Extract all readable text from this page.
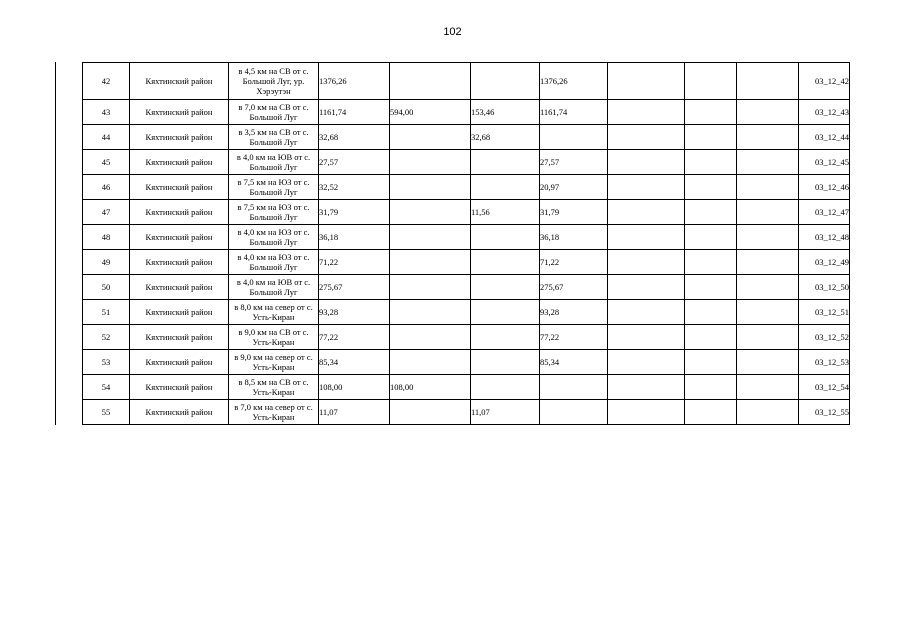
102
42	Кяхтинский район	в 4,5 км на СВ от с. Большой Луг, ур. Хэрэутэн	1376,26			1376,26				03_12_42
43	Кяхтинский район	в 7,0 км на СВ от с. Большой Луг	1161,74	594,00	153,46	1161,74				03_12_43
44	Кяхтинский район	в 3,5 км на СВ от с. Большой Луг	32,68		32,68					03_12_44
45	Кяхтинский район	в 4,0 км на ЮВ от с. Большой Луг	27,57			27,57				03_12_45
46	Кяхтинский район	в 7,5 км на ЮЗ от с. Большой Луг	32,52			20,97				03_12_46
47	Кяхтинский район	в 7,5 км на ЮЗ от с. Большой Луг	31,79		11,56	31,79				03_12_47
48	Кяхтинский район	в 4,0 км на ЮЗ от с. Большой Луг	36,18			36,18				03_12_48
49	Кяхтинский район	в 4,0 км на ЮЗ от с. Большой Луг	71,22			71,22				03_12_49
50	Кяхтинский район	в 4,0 км на ЮВ от с. Большой Луг	275,67			275,67				03_12_50
51	Кяхтинский район	в 8,0 км на север от с. Усть-Киран	93,28			93,28				03_12_51
52	Кяхтинский район	в 9,0 км на СВ от с. Усть-Киран	77,22			77,22				03_12_52
53	Кяхтинский район	в 9,0 км на север от с. Усть-Киран	85,34			85,34				03_12_53
54	Кяхтинский район	в 8,5 км на СВ от с. Усть-Киран	108,00	108,00						03_12_54
55	Кяхтинский район	в 7,0 км на север от с. Усть-Киран	11,07		11,07					03_12_55
